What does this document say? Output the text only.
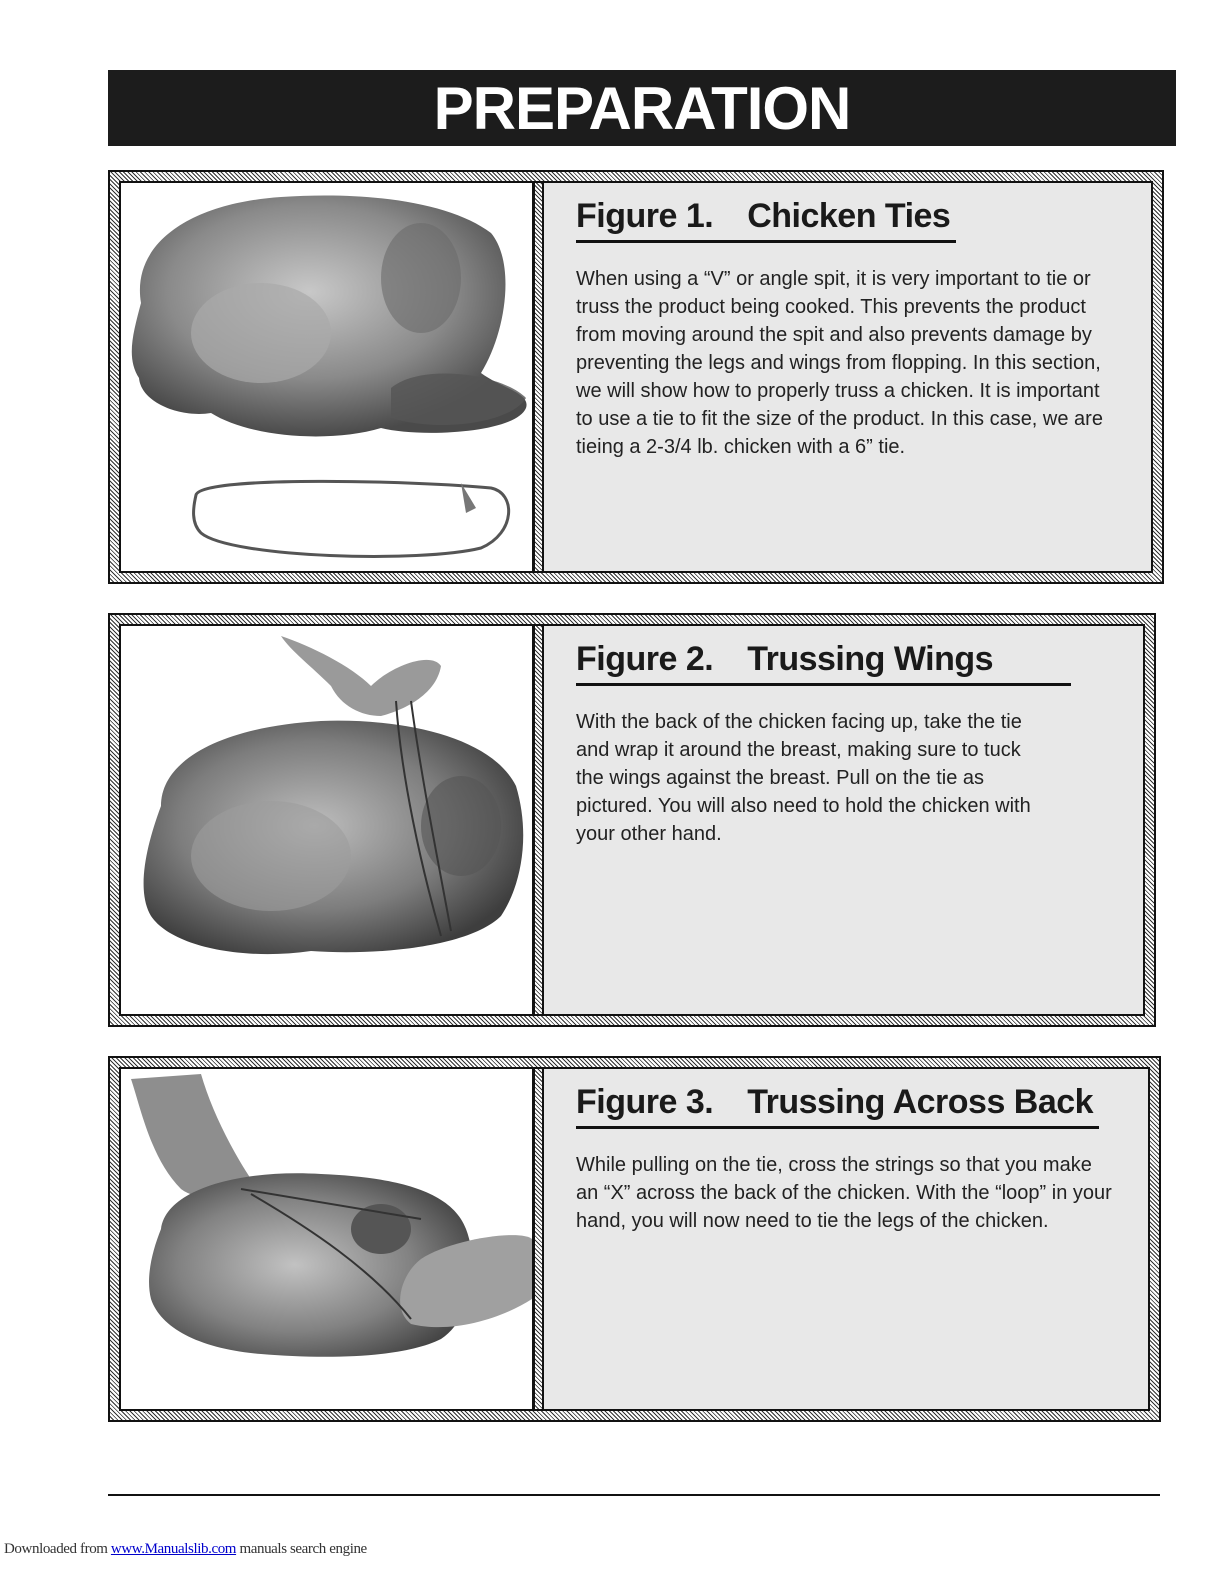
PREPARATION
Figure 1. Chicken Ties

When using a “V” or angle spit, it is very important to tie or truss the product being cooked. This prevents the product from moving around the spit and also prevents damage by preventing the legs and wings from flopping. In this section, we will show how to properly truss a chicken. It is important to use a tie to fit the size of the product. In this case, we are tieing a 2-3/4 lb. chicken with a 6” tie.

Figure 2. Trussing Wings

With the back of the chicken facing up, take the tie and wrap it around the breast, making sure to tuck the wings against the breast. Pull on the tie as pictured. You will also need to hold the chicken with your other hand.

Figure 3. Trussing Across Back

While pulling on the tie, cross the strings so that you make an “X” across the back of the chicken. With the “loop” in your hand, you will now need to tie the legs of the chicken.

Downloaded from www.Manualslib.com manuals search engine
